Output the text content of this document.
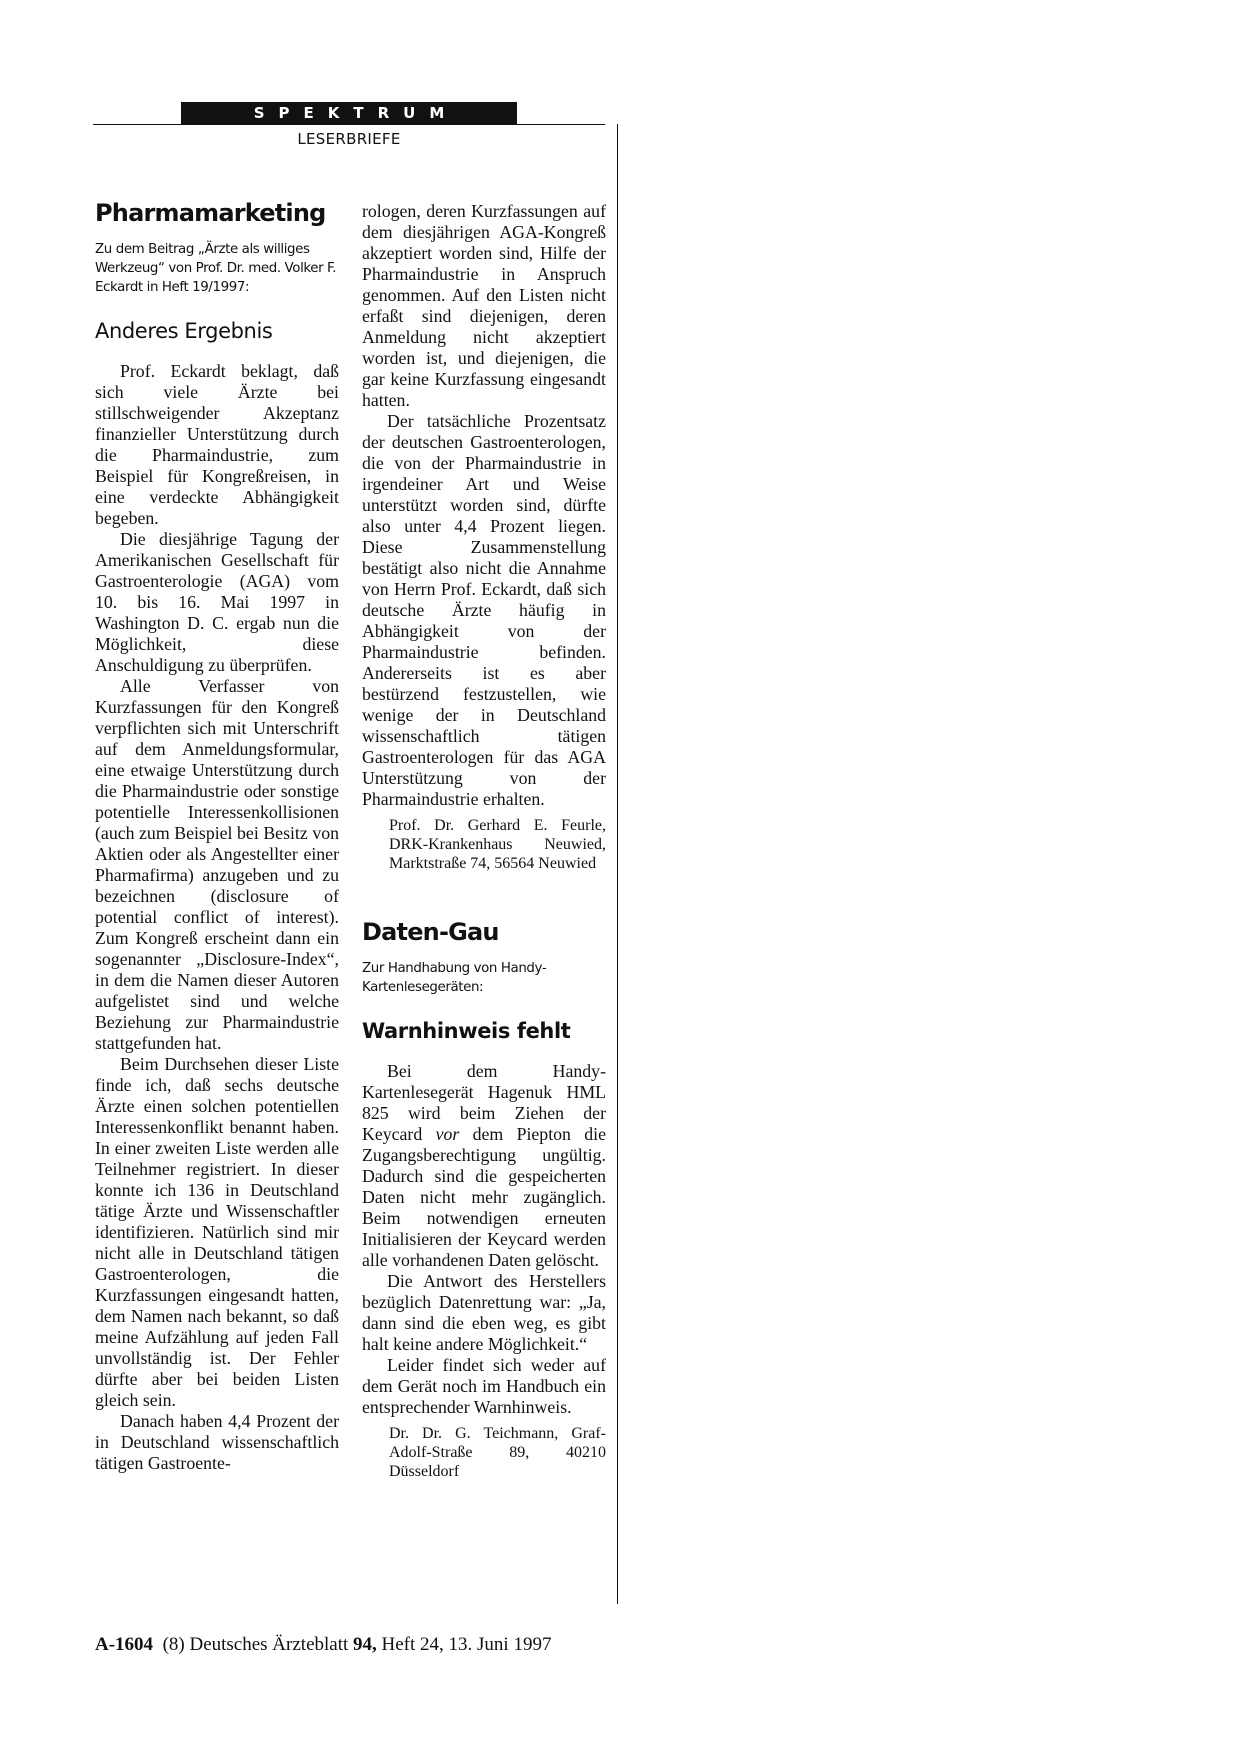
SPEKTRUM
LESERBRIEFE
Pharmamarketing
Zu dem Beitrag „Ärzte als williges Werkzeug“ von Prof. Dr. med. Volker F. Eckardt in Heft 19/1997:
Anderes Ergebnis

Prof. Eckardt beklagt, daß sich viele Ärzte bei stillschweigender Akzeptanz finanzieller Unterstützung durch die Pharmaindustrie, zum Beispiel für Kongreßreisen, in eine verdeckte Abhängigkeit begeben.

Die diesjährige Tagung der Amerikanischen Gesellschaft für Gastroenterologie (AGA) vom 10. bis 16. Mai 1997 in Washington D. C. ergab nun die Möglichkeit, diese Anschuldigung zu überprüfen.

Alle Verfasser von Kurzfassungen für den Kongreß verpflichten sich mit Unterschrift auf dem Anmeldungsformular, eine etwaige Unterstützung durch die Pharmaindustrie oder sonstige potentielle Interessenkollisionen (auch zum Beispiel bei Besitz von Aktien oder als Angestellter einer Pharmafirma) anzugeben und zu bezeichnen (disclosure of potential conflict of interest). Zum Kongreß erscheint dann ein sogenannter „Disclosure-Index“, in dem die Namen dieser Autoren aufgelistet sind und welche Beziehung zur Pharmaindustrie stattgefunden hat.

Beim Durchsehen dieser Liste finde ich, daß sechs deutsche Ärzte einen solchen potentiellen Interessenkonflikt benannt haben. In einer zweiten Liste werden alle Teilnehmer registriert. In dieser konnte ich 136 in Deutschland tätige Ärzte und Wissenschaftler identifizieren. Natürlich sind mir nicht alle in Deutschland tätigen Gastroenterologen, die Kurzfassungen eingesandt hatten, dem Namen nach bekannt, so daß meine Aufzählung auf jeden Fall unvollständig ist. Der Fehler dürfte aber bei beiden Listen gleich sein.

Danach haben 4,4 Prozent der in Deutschland wissenschaftlich tätigen Gastroente-

rologen, deren Kurzfassungen auf dem diesjährigen AGA-Kongreß akzeptiert worden sind, Hilfe der Pharmaindustrie in Anspruch genommen. Auf den Listen nicht erfaßt sind diejenigen, deren Anmeldung nicht akzeptiert worden ist, und diejenigen, die gar keine Kurzfassung eingesandt hatten.

Der tatsächliche Prozentsatz der deutschen Gastroenterologen, die von der Pharmaindustrie in irgendeiner Art und Weise unterstützt worden sind, dürfte also unter 4,4 Prozent liegen. Diese Zusammenstellung bestätigt also nicht die Annahme von Herrn Prof. Eckardt, daß sich deutsche Ärzte häufig in Abhängigkeit von der Pharmaindustrie befinden. Andererseits ist es aber bestürzend festzustellen, wie wenige der in Deutschland wissenschaftlich tätigen Gastroenterologen für das AGA Unterstützung von der Pharmaindustrie erhalten.

Prof. Dr. Gerhard E. Feurle, DRK-Krankenhaus Neuwied, Marktstraße 74, 56564 Neuwied
Daten-Gau
Zur Handhabung von Handy-Kartenlesegeräten:
Warnhinweis fehlt

Bei dem Handy-Kartenlesegerät Hagenuk HML 825 wird beim Ziehen der Keycard vor dem Piepton die Zugangsberechtigung ungültig. Dadurch sind die gespeicherten Daten nicht mehr zugänglich. Beim notwendigen erneuten Initialisieren der Keycard werden alle vorhandenen Daten gelöscht.

Die Antwort des Herstellers bezüglich Datenrettung war: „Ja, dann sind die eben weg, es gibt halt keine andere Möglichkeit.“

Leider findet sich weder auf dem Gerät noch im Handbuch ein entsprechender Warnhinweis.

Dr. Dr. G. Teichmann, Graf-Adolf-Straße 89, 40210 Düsseldorf
A-1604 (8) Deutsches Ärzteblatt 94, Heft 24, 13. Juni 1997
